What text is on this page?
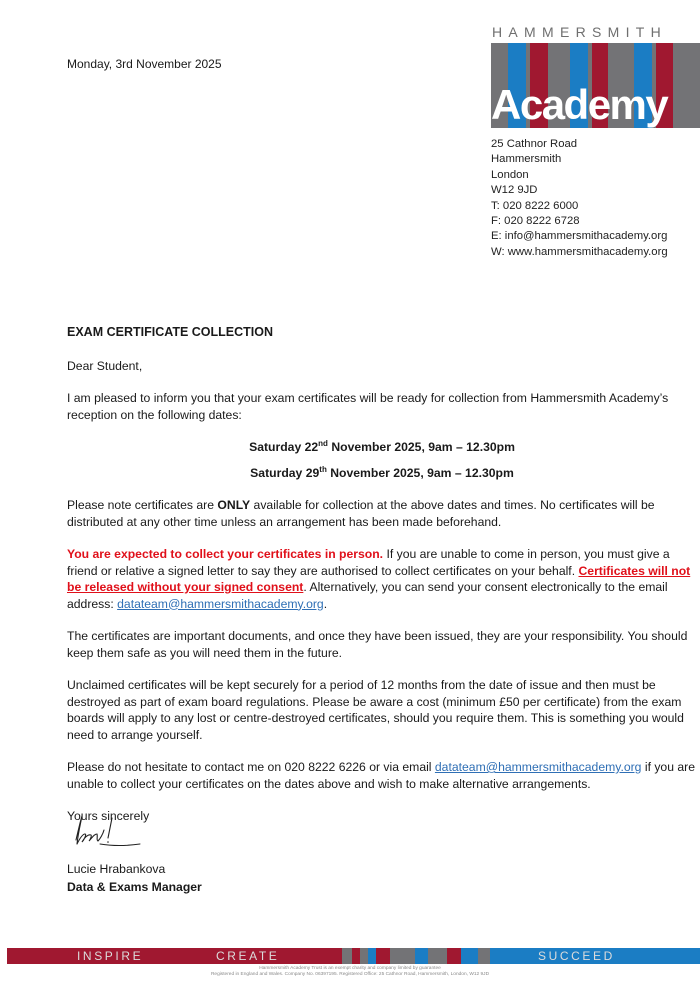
Monday, 3rd November 2025
HAMMERSMITH
Academy
25 Cathnor Road
Hammersmith
London
W12 9JD
T: 020 8222 6000
F: 020 8222 6728
E: info@hammersmithacademy.org
W: www.hammersmithacademy.org
EXAM CERTIFICATE COLLECTION

Dear Student,

I am pleased to inform you that your exam certificates will be ready for collection from Hammersmith Academy’s reception on the following dates:

Saturday 22nd November 2025, 9am – 12.30pm

Saturday 29th November 2025, 9am – 12.30pm

Please note certificates are ONLY available for collection at the above dates and times. No certificates will be distributed at any other time unless an arrangement has been made beforehand.

You are expected to collect your certificates in person. If you are unable to come in person, you must give a friend or relative a signed letter to say they are authorised to collect certificates on your behalf. Certificates will not be released without your signed consent. Alternatively, you can send your consent electronically to the email address: datateam@hammersmithacademy.org.

The certificates are important documents, and once they have been issued, they are your responsibility. You should keep them safe as you will need them in the future.

Unclaimed certificates will be kept securely for a period of 12 months from the date of issue and then must be destroyed as part of exam board regulations. Please be aware a cost (minimum £50 per certificate) from the exam boards will apply to any lost or centre-destroyed certificates, should you require them. This is something you would need to arrange yourself.

Please do not hesitate to contact me on 020 8222 6226 or via email datateam@hammersmithacademy.org if you are unable to collect your certificates on the dates above and wish to make alternative arrangements.

Yours sincerely

Lucie Hrabankova
Data & Exams Manager
INSPIRE	CREATE	SUCCEED
Hammersmith Academy Trust is an exempt charity and company limited by guarantee
Registered in England and Wales. Company No. 06397195. Registered Office: 25 Cathnor Road, Hammersmith, London, W12 9JD
